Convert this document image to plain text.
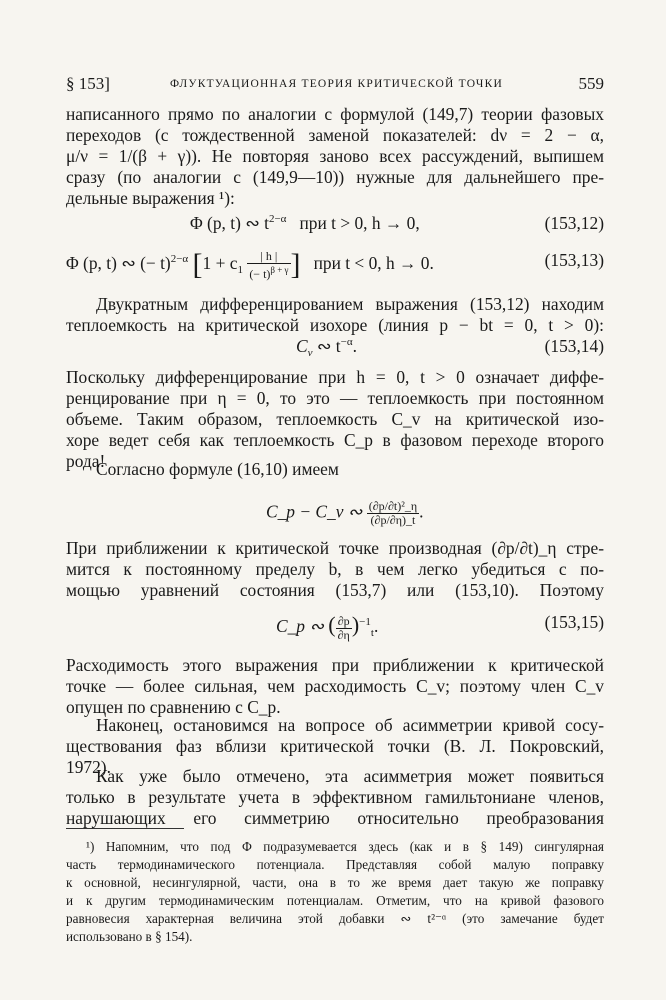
§ 153]	ФЛУКТУАЦИОННАЯ ТЕОРИЯ КРИТИЧЕСКОЙ ТОЧКИ	559
написанного прямо по аналогии с формулой (149,7) теории фазовых
переходов (с тождественной заменой показателей: dν = 2 − α,
μ/ν = 1/(β + γ)). Не повторяя заново всех рассуждений, выпишем
сразу (по аналогии с (149,9—10)) нужные для дальнейшего пре-
дельные выражения ¹):
Φ (p, t) ∾ $t^{2-\alpha}$ при t > 0, h → 0,	(153,12)
Φ (p, t) ∾ (− t)$^{2-\alpha}$ [$1 + c_1 \frac{| h |}{(- t)^{\beta + \gamma}}$ ] при t < 0, h → 0.	(153,13)
Двукратным дифференцированием выражения (153,12) находим
теплоемкость на критической изохоре (линия p − bt = 0, t > 0):
$C_v$ ∾ $t^{-\alpha}$.	(153,14)
Поскольку дифференцирование при h = 0, t > 0 означает диффе-
ренцирование при η = 0, то это — теплоемкость при постоянном
объеме. Таким образом, теплоемкость C_v на критической изо-
хоре ведет себя как теплоемкость C_p в фазовом переходе второго
рода!
Согласно формуле (16,10) имеем
C_p − C_v ∾ $\frac{\text{(∂p/∂t)²\_η}}{(\partial p/\partial\eta)\_t}$ .
При приближении к критической точке производная (∂p/∂t)_η стре-
мится к постоянному пределу b, в чем легко убедиться с по-
мощью уравнений состояния (153,7) или (153,10). Поэтому
C_p ∾ ( $\frac{\partial p}{\partial\eta} )^{-1}_t$.	(153,15)
Расходимость этого выражения при приближении к критической
точке — более сильная, чем расходимость C_v; поэтому член C_v
опущен по сравнению с C_p.
Наконец, остановимся на вопросе об асимметрии кривой сосу-
ществования фаз вблизи критической точки (В. Л. Покровский,
1972).
Как уже было отмечено, эта асимметрия может появиться
только в результате учета в эффективном гамильтониане членов,
нарушающих его симметрию относительно преобразования
¹) Напомним, что под Φ подразумевается здесь (как и в § 149) сингулярная
часть термодинамического потенциала. Представляя собой малую поправку
к основной, несингулярной, части, она в то же время дает такую же поправку
и к другим термодинамическим потенциалам. Отметим, что на кривой фазового
равновесия характерная величина этой добавки ∾ t²⁻ᵅ (это замечание будет
использовано в § 154).
